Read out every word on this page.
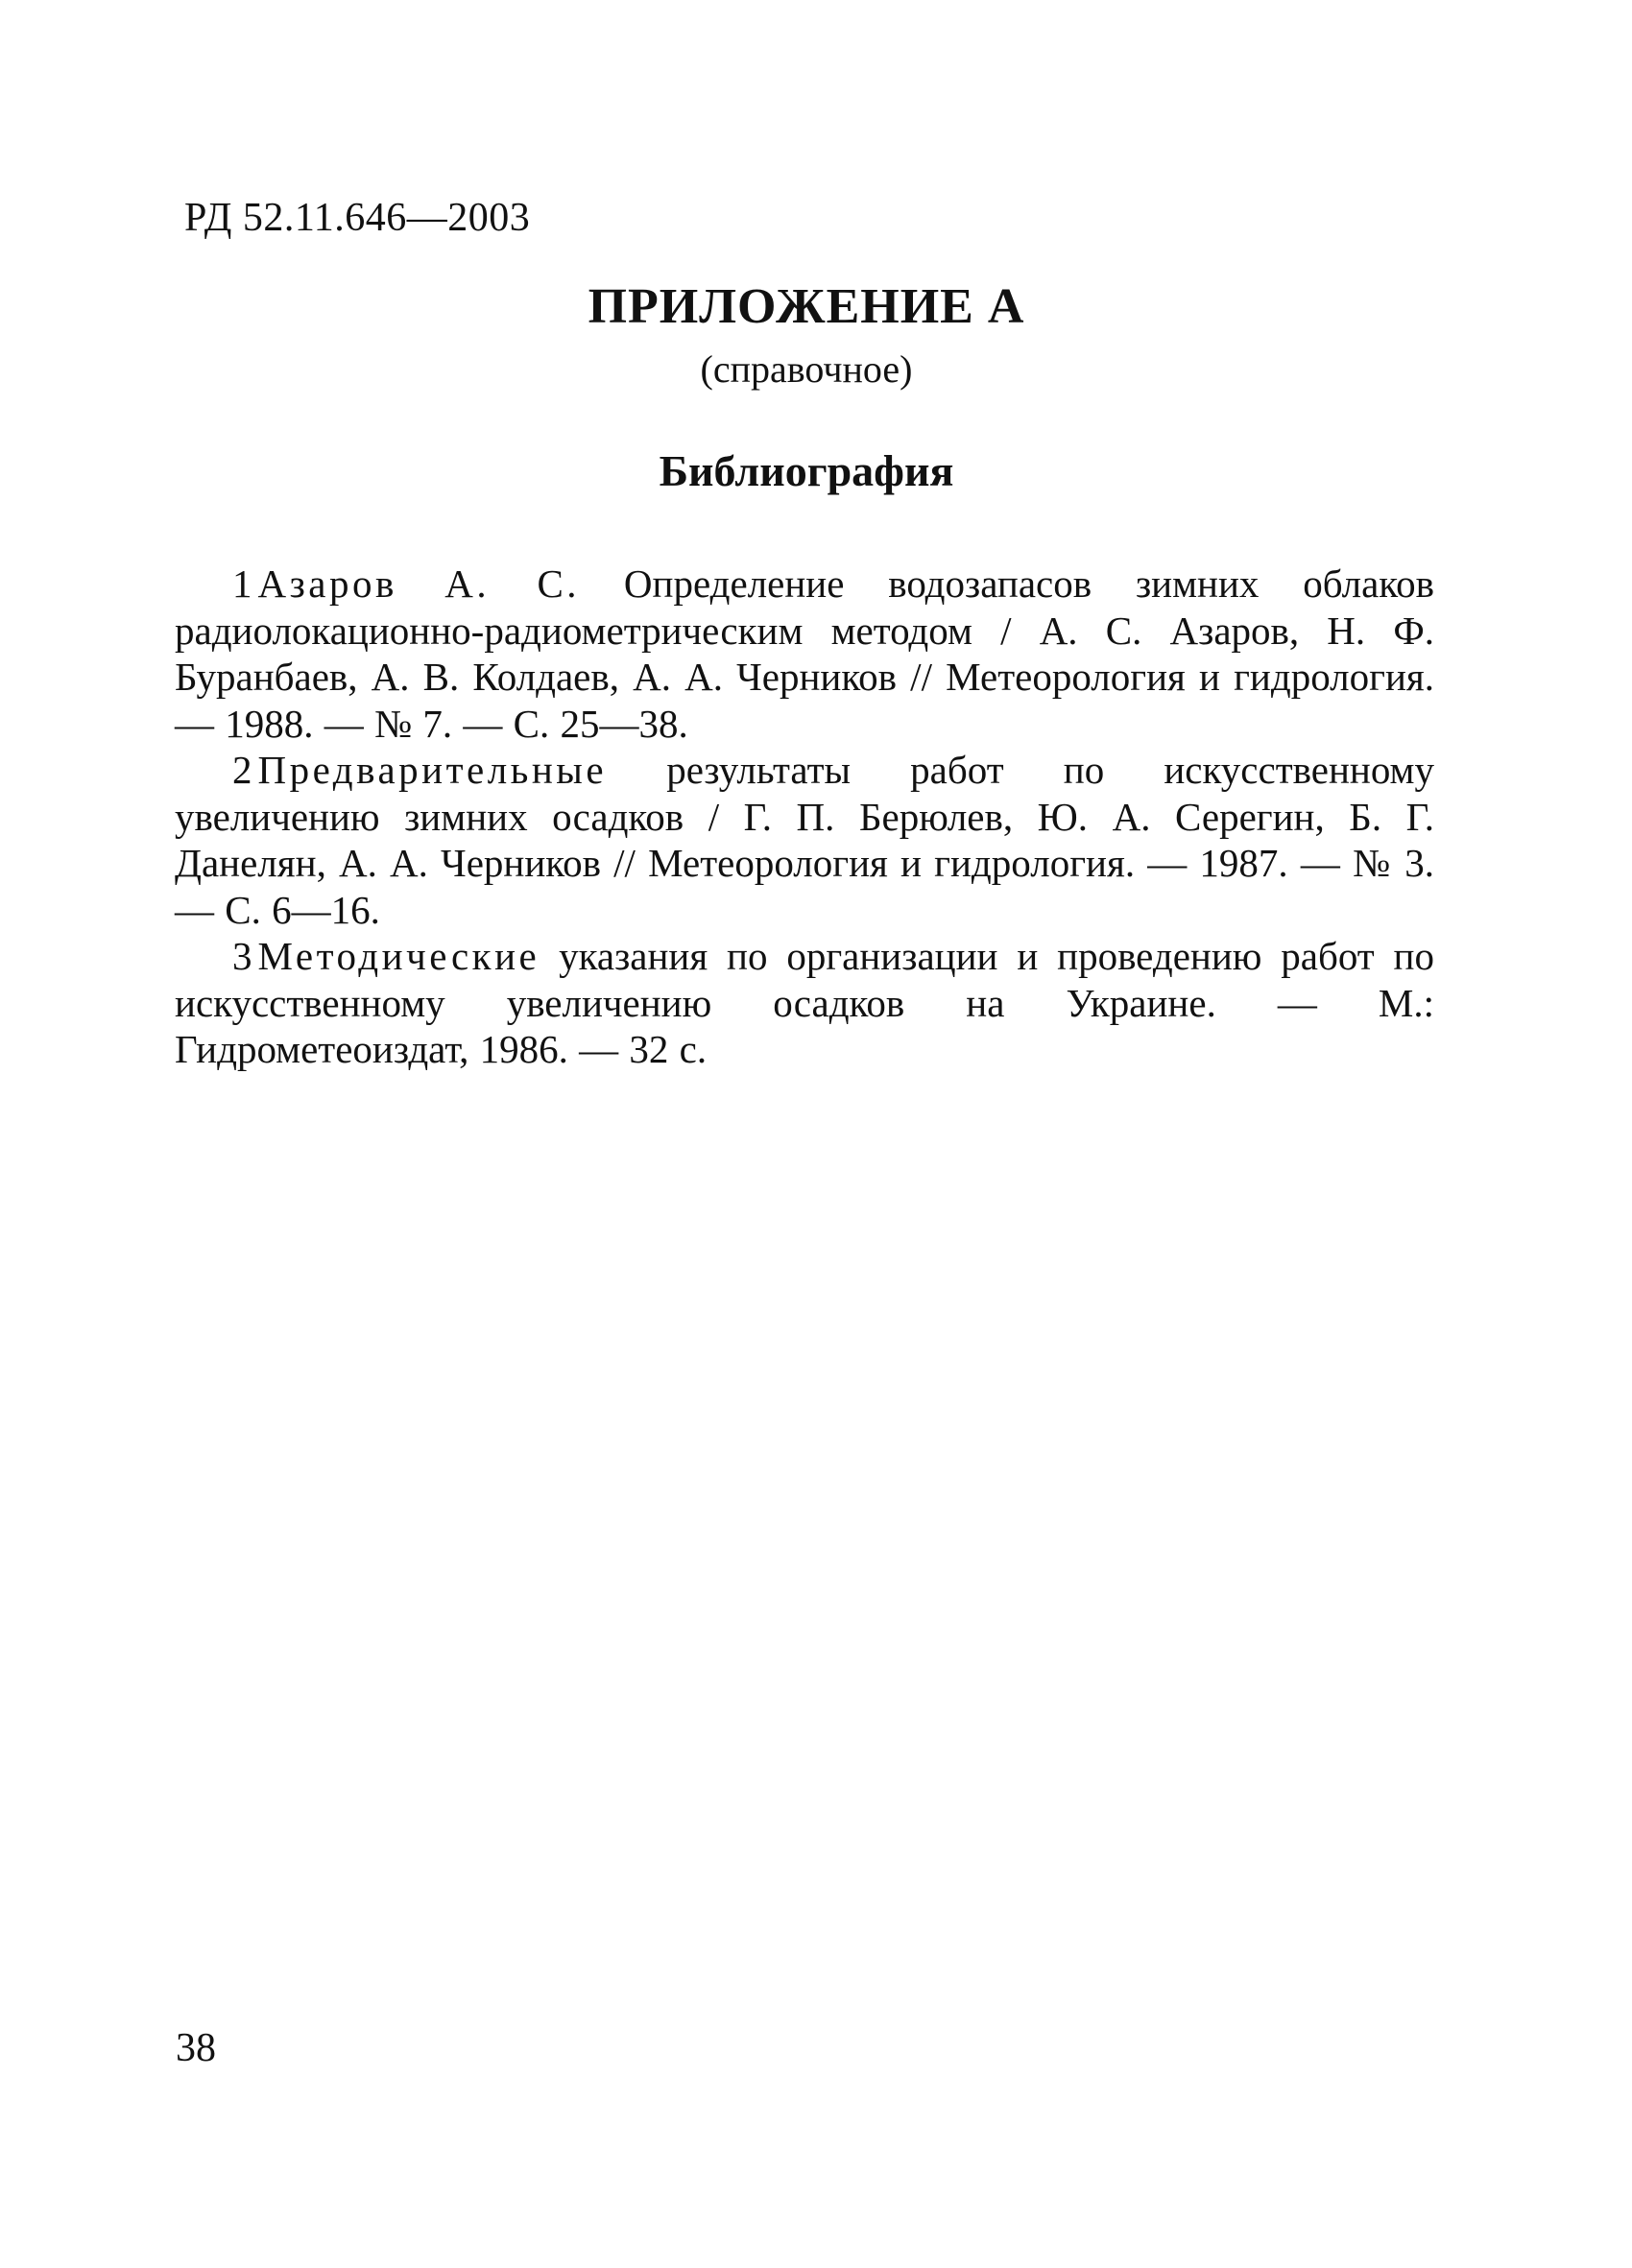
РД 52.11.646—2003
ПРИЛОЖЕНИЕ А
(справочное)
Библиография
1 Азаров А. С. Определение водозапасов зимних облаков радиолокационно-радиометрическим методом / А. С. Азаров, Н. Ф. Буранбаев, А. В. Колдаев, А. А. Черников // Метеорология и гидрология. — 1988. — № 7. — С. 25—38.
2 Предварительные результаты работ по искусственному увеличению зимних осадков / Г. П. Берюлев, Ю. А. Серегин, Б. Г. Данелян, А. А. Черников // Метеорология и гидрология. — 1987. — № 3. — С. 6—16.
3 Методические указания по организации и проведению работ по искусственному увеличению осадков на Украине. — М.: Гидрометеоиздат, 1986. — 32 с.
38
